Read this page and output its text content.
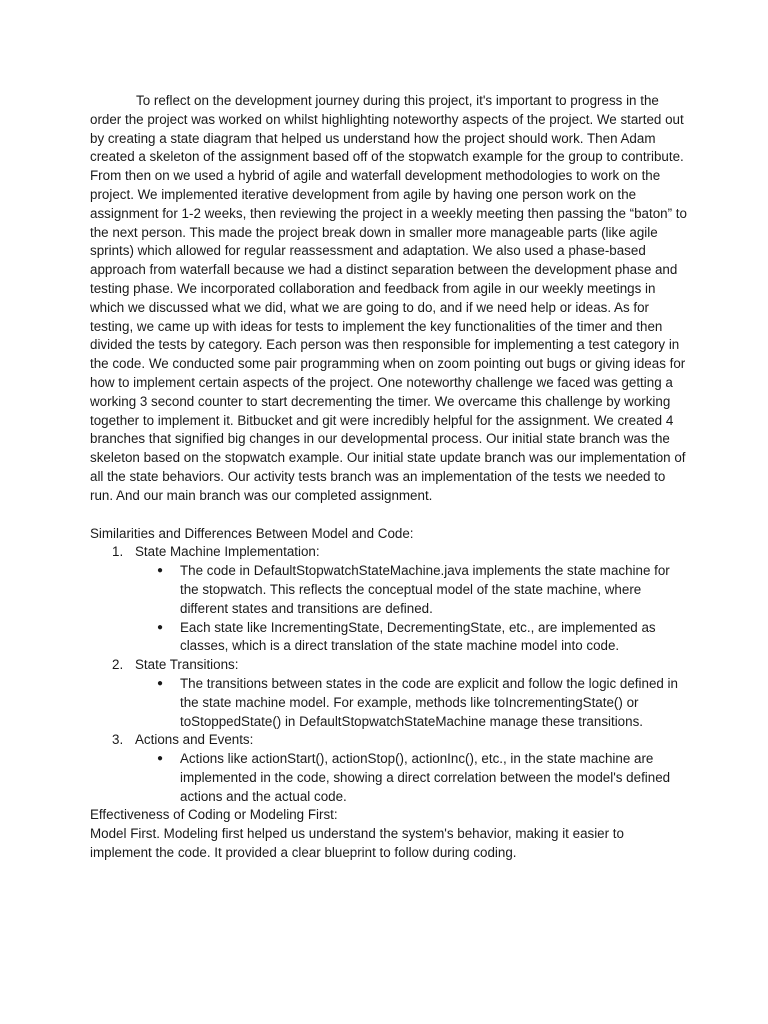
To reflect on the development journey during this project, it's important to progress in the order the project was worked on whilst highlighting noteworthy aspects of the project. We started out by creating a state diagram that helped us understand how the project should work. Then Adam created a skeleton of the assignment based off of the stopwatch example for the group to contribute. From then on we used a hybrid of agile and waterfall development methodologies to work on the project. We implemented iterative development from agile by having one person work on the assignment for 1-2 weeks, then reviewing the project in a weekly meeting then passing the “baton” to the next person. This made the project break down in smaller more manageable parts (like agile sprints) which allowed for regular reassessment and adaptation. We also used a phase-based approach from waterfall because we had a distinct separation between the development phase and testing phase. We incorporated collaboration and feedback from agile in our weekly meetings in which we discussed what we did, what we are going to do, and if we need help or ideas. As for testing, we came up with ideas for tests to implement the key functionalities of the timer and then divided the tests by category. Each person was then responsible for implementing a test category in the code. We conducted some pair programming when on zoom pointing out bugs or giving ideas for how to implement certain aspects of the project. One noteworthy challenge we faced was getting a working 3 second counter to start decrementing the timer. We overcame this challenge by working together to implement it. Bitbucket and git were incredibly helpful for the assignment. We created 4 branches that signified big changes in our developmental process. Our initial state branch was the skeleton based on the stopwatch example. Our initial state update branch was our implementation of all the state behaviors. Our activity tests branch was an implementation of the tests we needed to run. And our main branch was our completed assignment.

Similarities and Differences Between Model and Code:

1. State Machine Implementation:
● The code in DefaultStopwatchStateMachine.java implements the state machine for the stopwatch. This reflects the conceptual model of the state machine, where different states and transitions are defined.
● Each state like IncrementingState, DecrementingState, etc., are implemented as classes, which is a direct translation of the state machine model into code.
2. State Transitions:
● The transitions between states in the code are explicit and follow the logic defined in the state machine model. For example, methods like toIncrementingState() or toStoppedState() in DefaultStopwatchStateMachine manage these transitions.
3. Actions and Events:
● Actions like actionStart(), actionStop(), actionInc(), etc., in the state machine are implemented in the code, showing a direct correlation between the model's defined actions and the actual code.

Effectiveness of Coding or Modeling First:

Model First. Modeling first helped us understand the system's behavior, making it easier to implement the code. It provided a clear blueprint to follow during coding.
